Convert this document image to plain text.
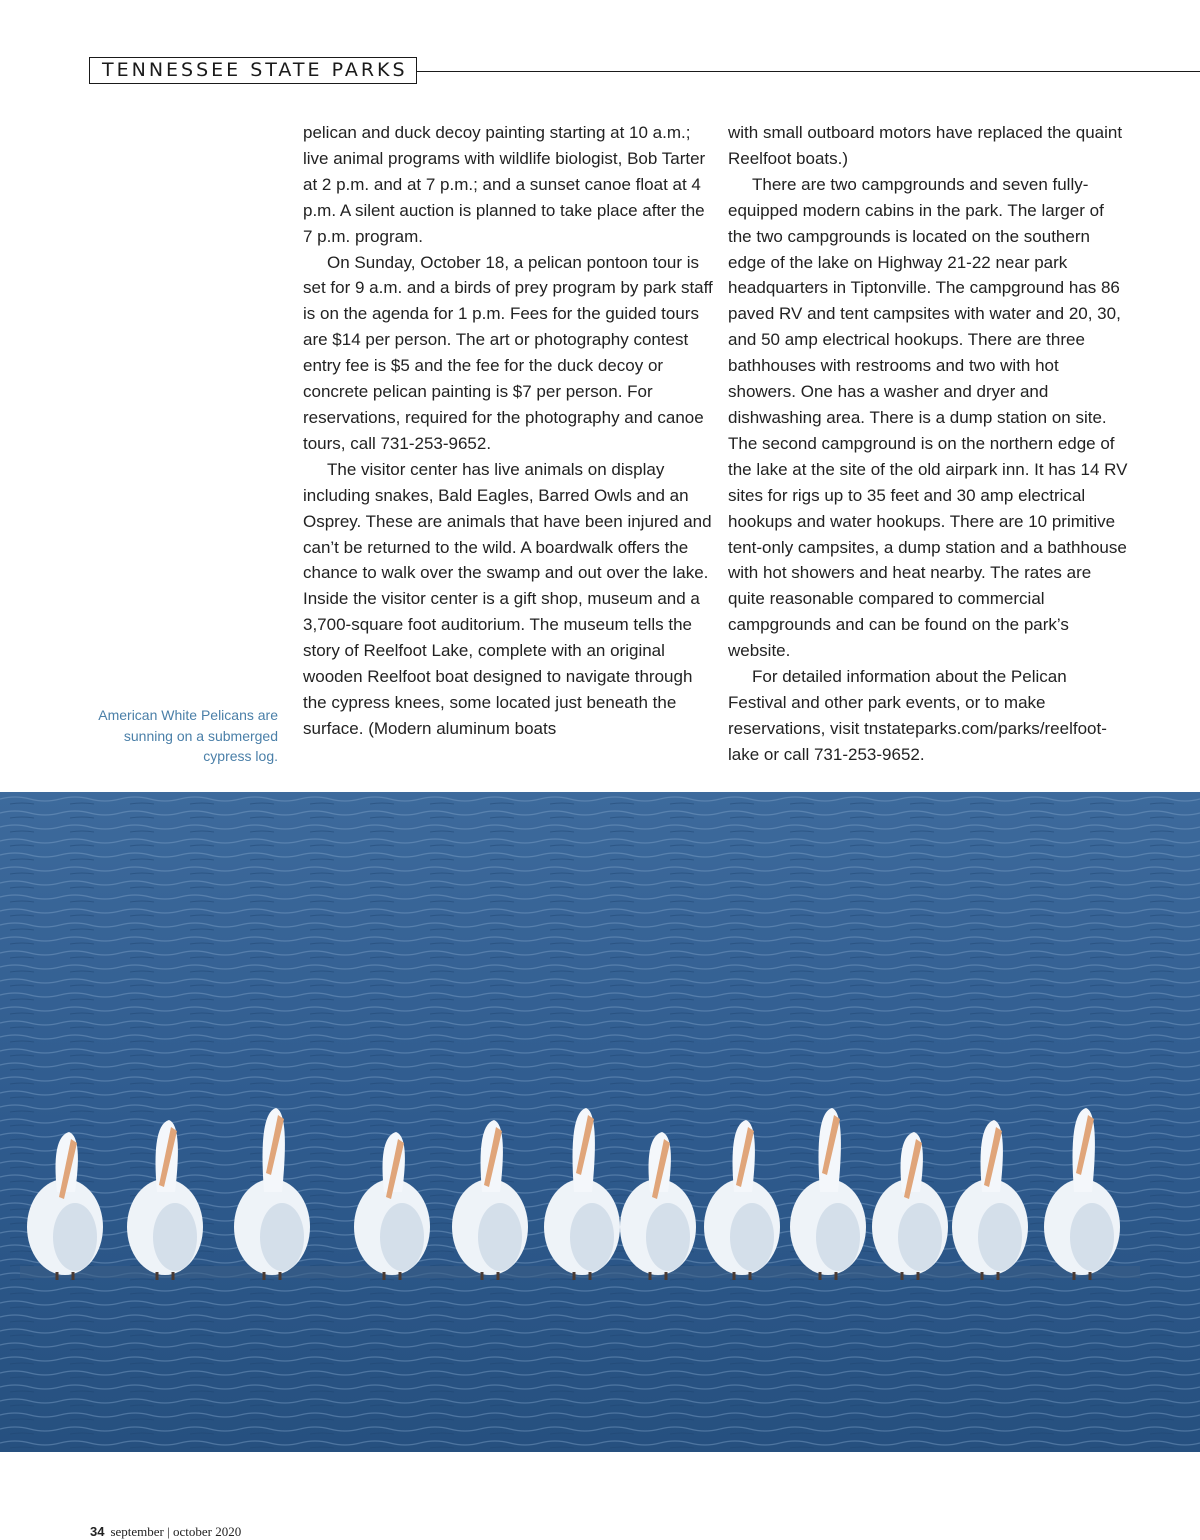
TENNESSEE STATE PARKS

pelican and duck decoy painting starting at 10 a.m.; live animal programs with wildlife biologist, Bob Tarter at 2 p.m. and at 7 p.m.; and a sunset canoe float at 4 p.m. A silent auction is planned to take place after the 7 p.m. program.

On Sunday, October 18, a pelican pontoon tour is set for 9 a.m. and a birds of prey program by park staff is on the agenda for 1 p.m. Fees for the guided tours are $14 per person. The art or photography contest entry fee is $5 and the fee for the duck decoy or concrete pelican painting is $7 per person. For reservations, required for the photography and canoe tours, call 731-253-9652.

The visitor center has live animals on display including snakes, Bald Eagles, Barred Owls and an Osprey. These are animals that have been injured and can’t be returned to the wild. A boardwalk offers the chance to walk over the swamp and out over the lake. Inside the visitor center is a gift shop, museum and a 3,700-square foot auditorium. The museum tells the story of Reelfoot Lake, complete with an original wooden Reelfoot boat designed to navigate through the cypress knees, some located just beneath the surface. (Modern aluminum boats

with small outboard motors have replaced the quaint Reelfoot boats.)

There are two campgrounds and seven fully-equipped modern cabins in the park. The larger of the two campgrounds is located on the southern edge of the lake on Highway 21-22 near park headquarters in Tiptonville. The campground has 86 paved RV and tent campsites with water and 20, 30, and 50 amp electrical hookups. There are three bathhouses with restrooms and two with hot showers. One has a washer and dryer and dishwashing area. There is a dump station on site. The second campground is on the northern edge of the lake at the site of the old airpark inn. It has 14 RV sites for rigs up to 35 feet and 30 amp electrical hookups and water hookups. There are 10 primitive tent-only campsites, a dump station and a bathhouse with hot showers and heat nearby. The rates are quite reasonable compared to commercial campgrounds and can be found on the park’s website.

For detailed information about the Pelican Festival and other park events, or to make reservations, visit tnstateparks.com/parks/reelfoot-lake or call 731-253-9652.

American White Pelicans are sunning on a submerged cypress log.
34 september | october 2020
